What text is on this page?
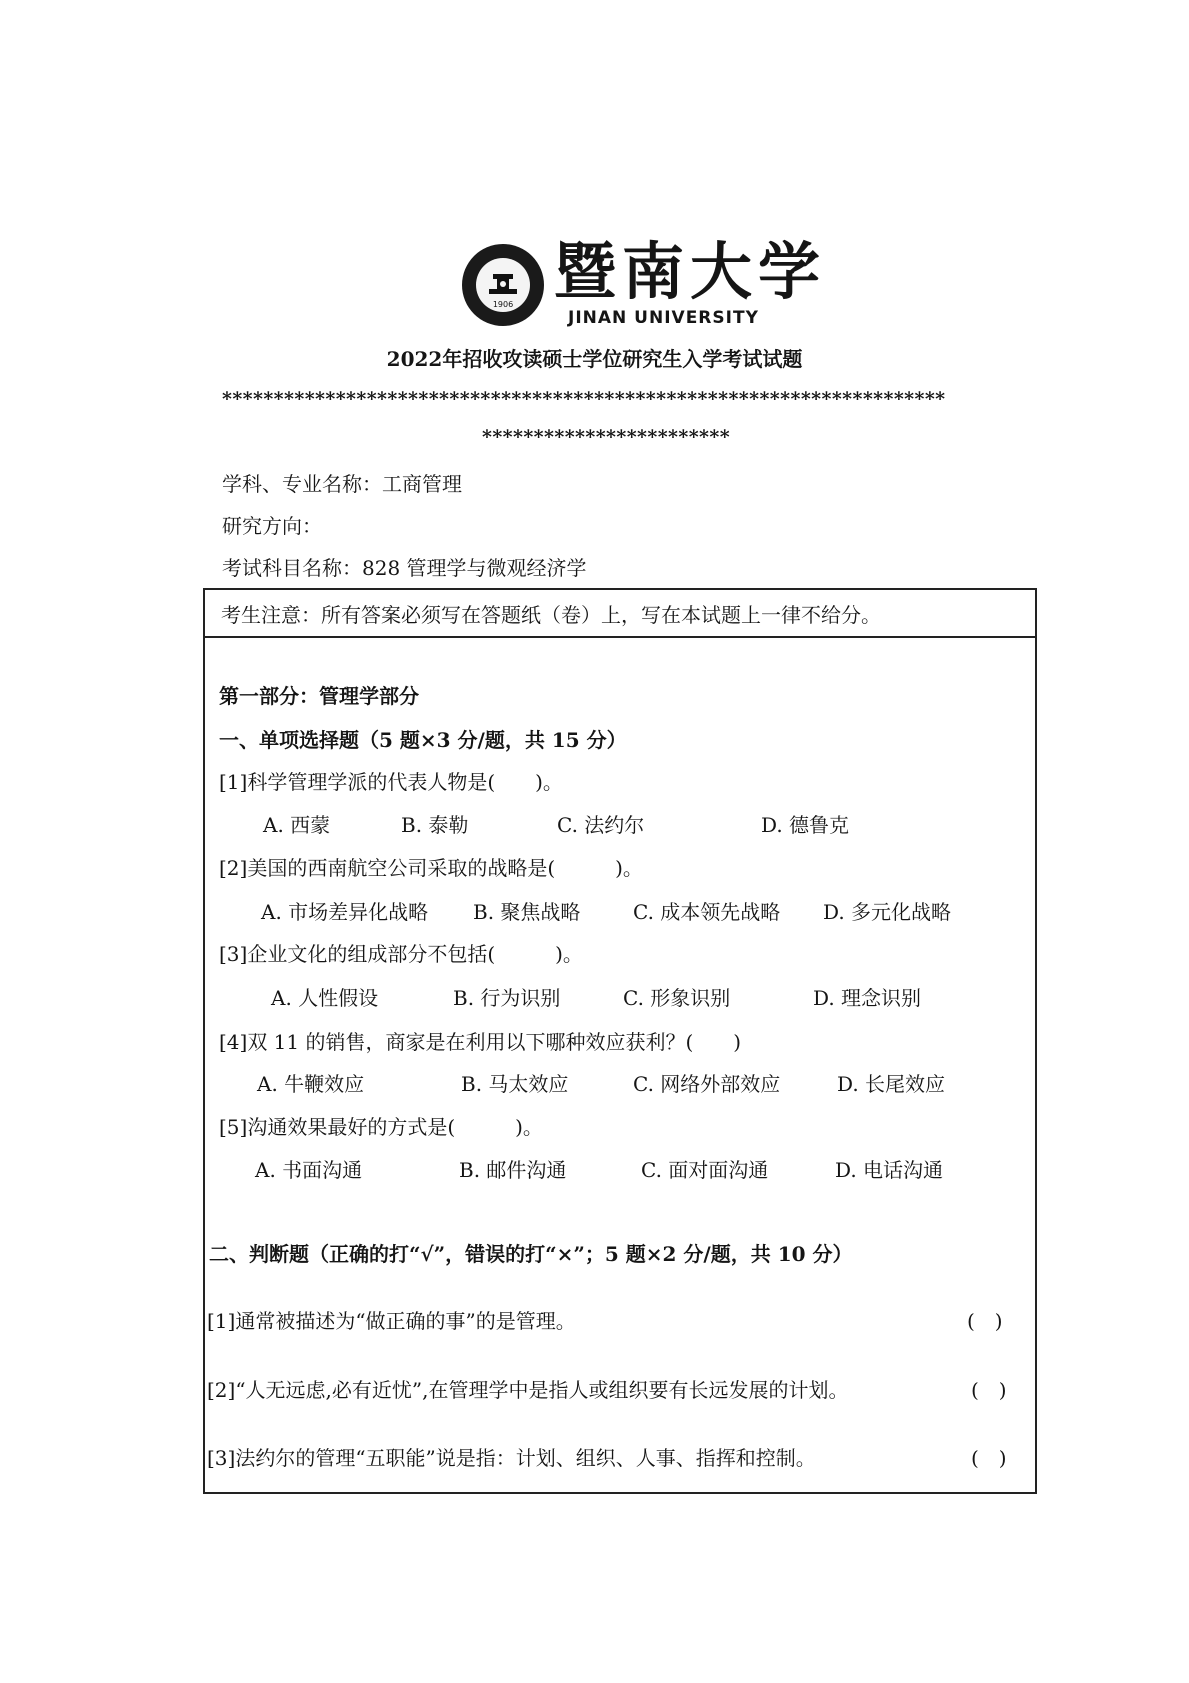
1906 暨南大学
JINAN UNIVERSITY
2022年招收攻读硕士学位研究生入学考试试题
**********************************************************************
************************
学科、专业名称：工商管理
研究方向：
考试科目名称：828 管理学与微观经济学
考生注意：所有答案必须写在答题纸（卷）上，写在本试题上一律不给分。
第一部分：管理学部分
一、单项选择题（5 题×3 分/题，共 15 分）
[1]科学管理学派的代表人物是(　　)。
A. 西蒙	B. 泰勒	C. 法约尔	D. 德鲁克
[2]美国的西南航空公司采取的战略是(　　　)。
A. 市场差异化战略 B. 聚焦战略	C. 成本领先战略 D. 多元化战略
[3]企业文化的组成部分不包括(　　　)。
A. 人性假设	B. 行为识别	C. 形象识别	D. 理念识别
[4]双 11 的销售，商家是在利用以下哪种效应获利？(　　)
A. 牛鞭效应	B. 马太效应	C. 网络外部效应	D. 长尾效应
[5]沟通效果最好的方式是(　　　)。
A. 书面沟通	B. 邮件沟通	C. 面对面沟通	D. 电话沟通
二、判断题（正确的打“√”，错误的打“×”；5 题×2 分/题，共 10 分）
[1]通常被描述为“做正确的事”的是管理。	(　)
[2]“人无远虑,必有近忧”,在管理学中是指人或组织要有长远发展的计划。	(　)
[3]法约尔的管理“五职能”说是指：计划、组织、人事、指挥和控制。	(　)
